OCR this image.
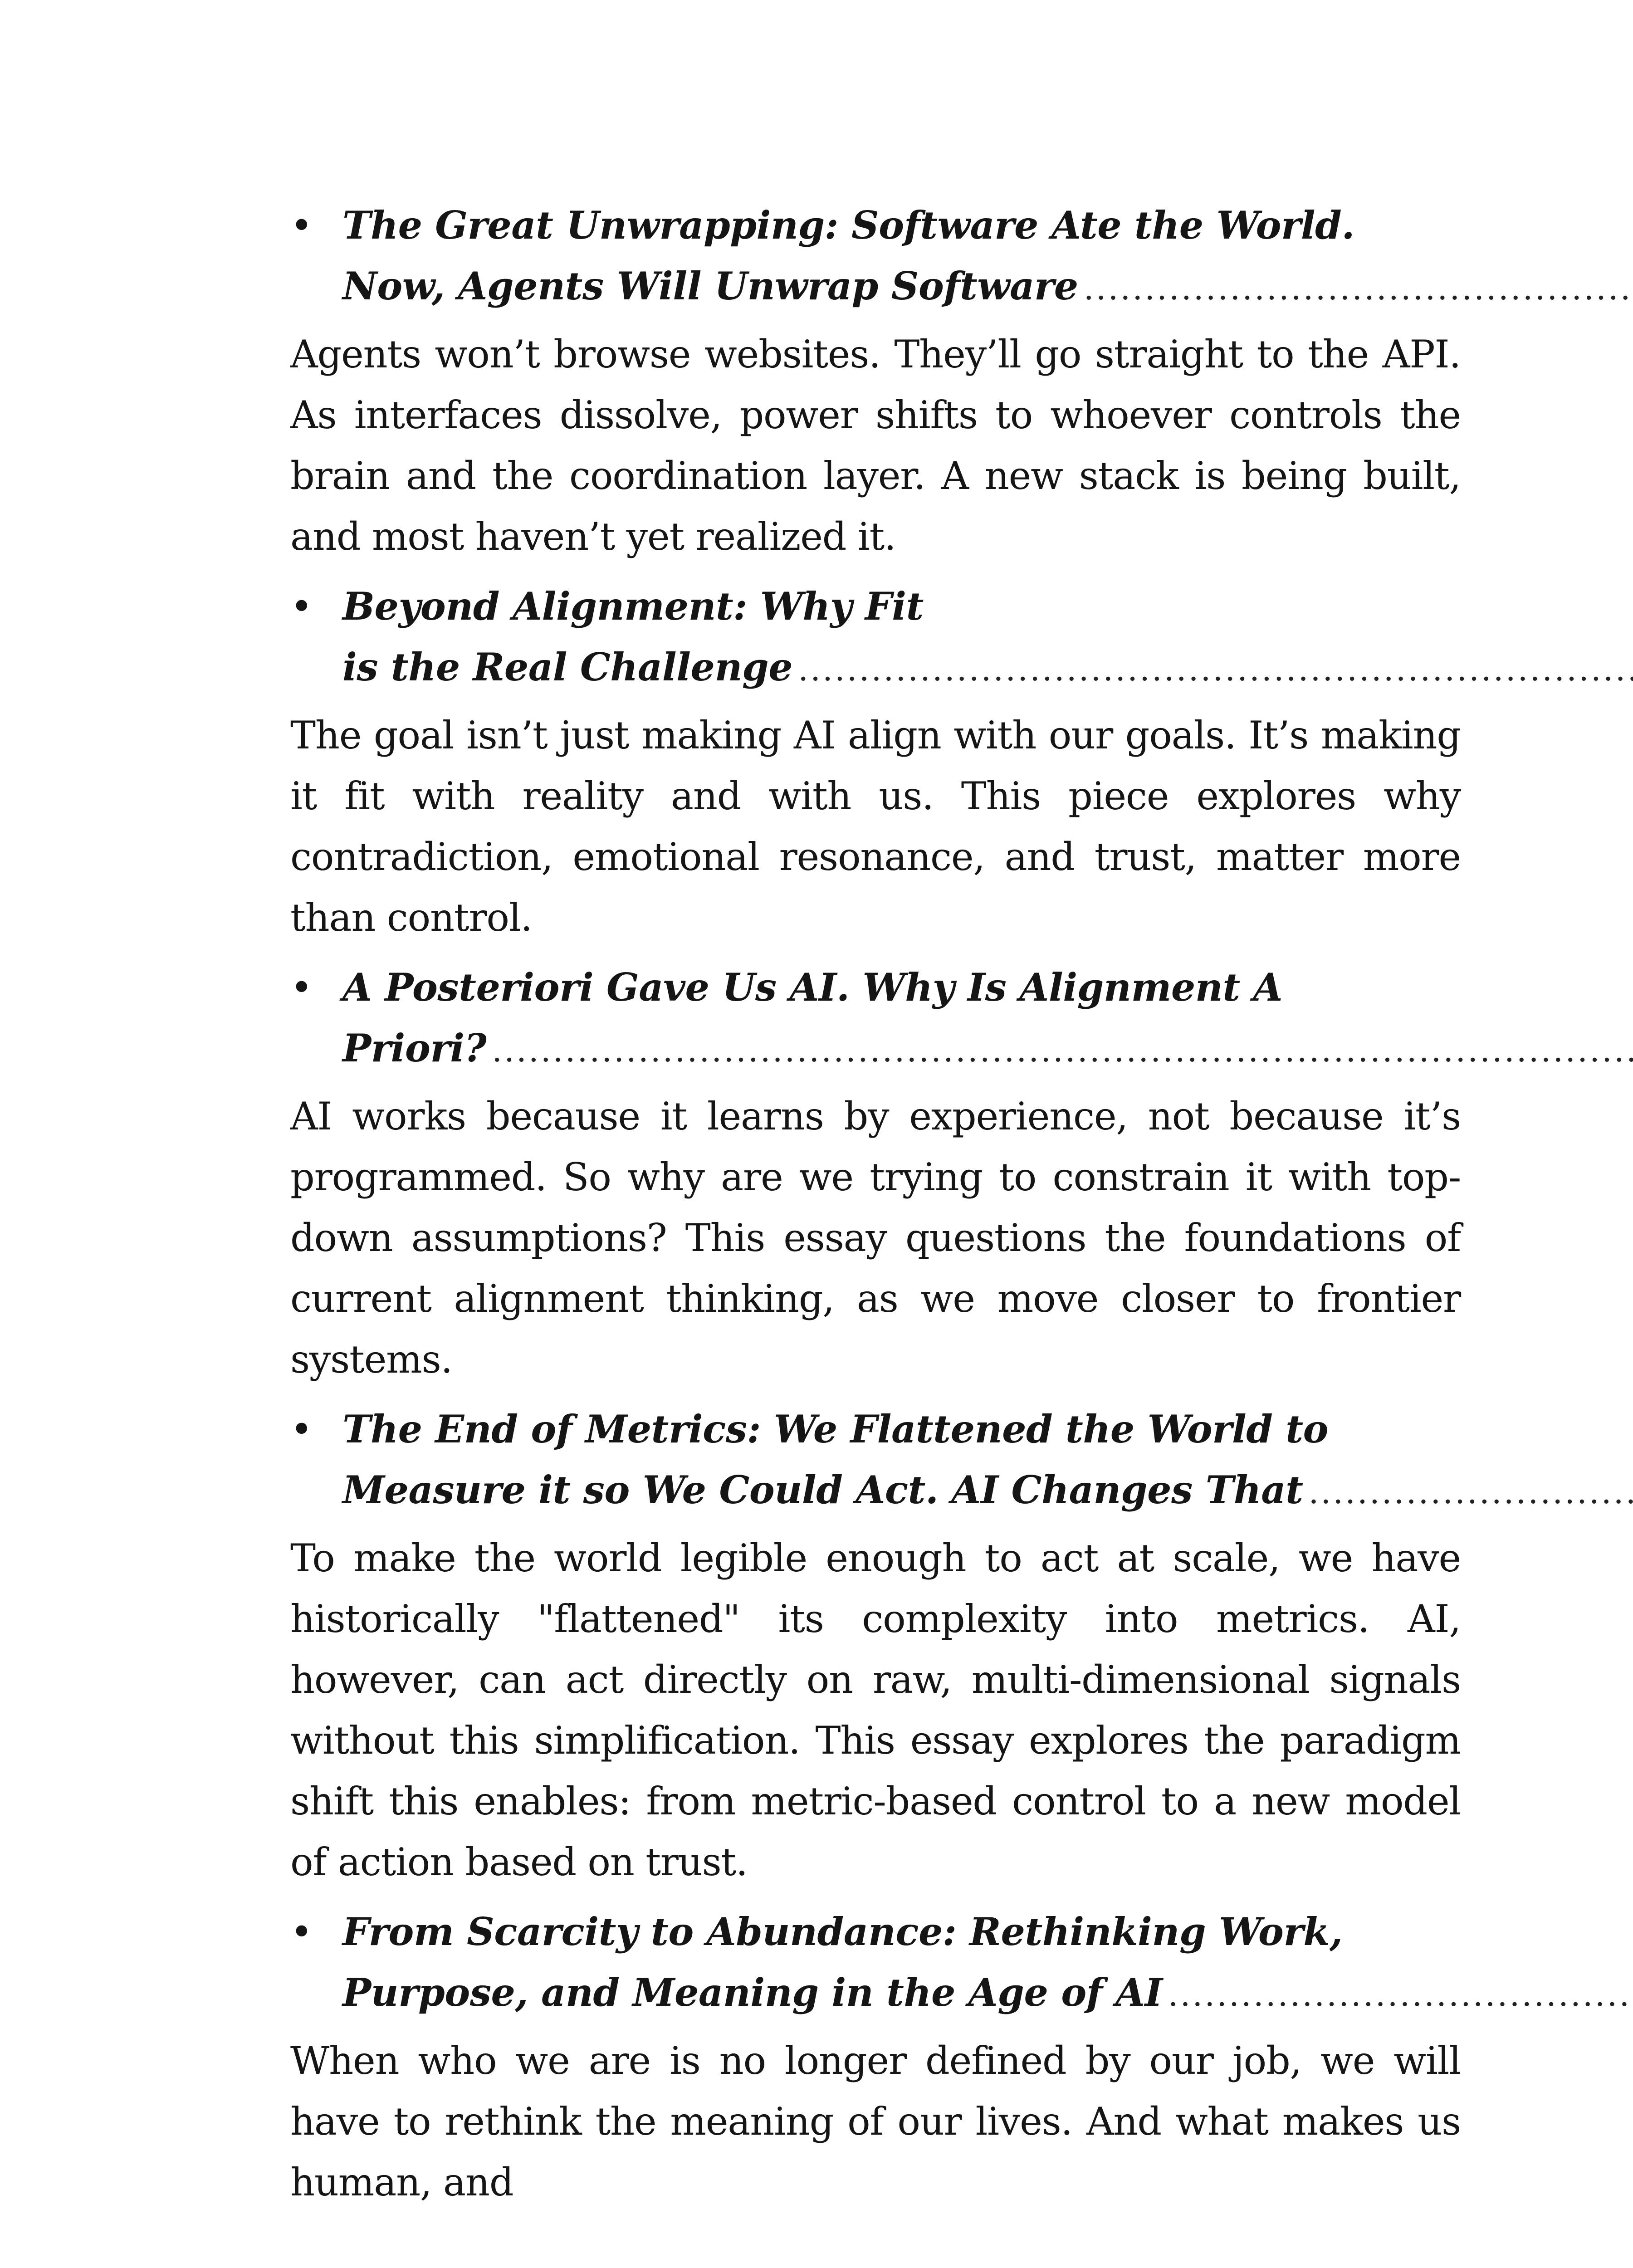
• The Great Unwrapping: Software Ate the World.
Now, Agents Will Unwrap Software
.....

Agents won’t browse websites. They’ll go straight to the API. As interfaces dissolve, power shifts to whoever controls the brain and the coordination layer. A new stack is being built, and most haven’t yet realized it.

• Beyond Alignment: Why Fit
is the Real Challenge
.....

The goal isn’t just making AI align with our goals. It’s making it fit with reality and with us. This piece explores why contradiction, emotional resonance, and trust, matter more than control.

• A Posteriori Gave Us AI. Why Is Alignment A
Priori?
.....

AI works because it learns by experience, not because it’s programmed. So why are we trying to constrain it with top-down assumptions? This essay questions the foundations of current alignment thinking, as we move closer to frontier systems.

• The End of Metrics: We Flattened the World to
Measure it so We Could Act. AI Changes That
.....

To make the world legible enough to act at scale, we have historically "flattened" its complexity into metrics. AI, however, can act directly on raw, multi-dimensional signals without this simplification. This essay explores the paradigm shift this enables: from metric-based control to a new model of action based on trust.

• From Scarcity to Abundance: Rethinking Work,
Purpose, and Meaning in the Age of AI
.....

When who we are is no longer defined by our job, we will have to rethink the meaning of our lives. And what makes us human, and
